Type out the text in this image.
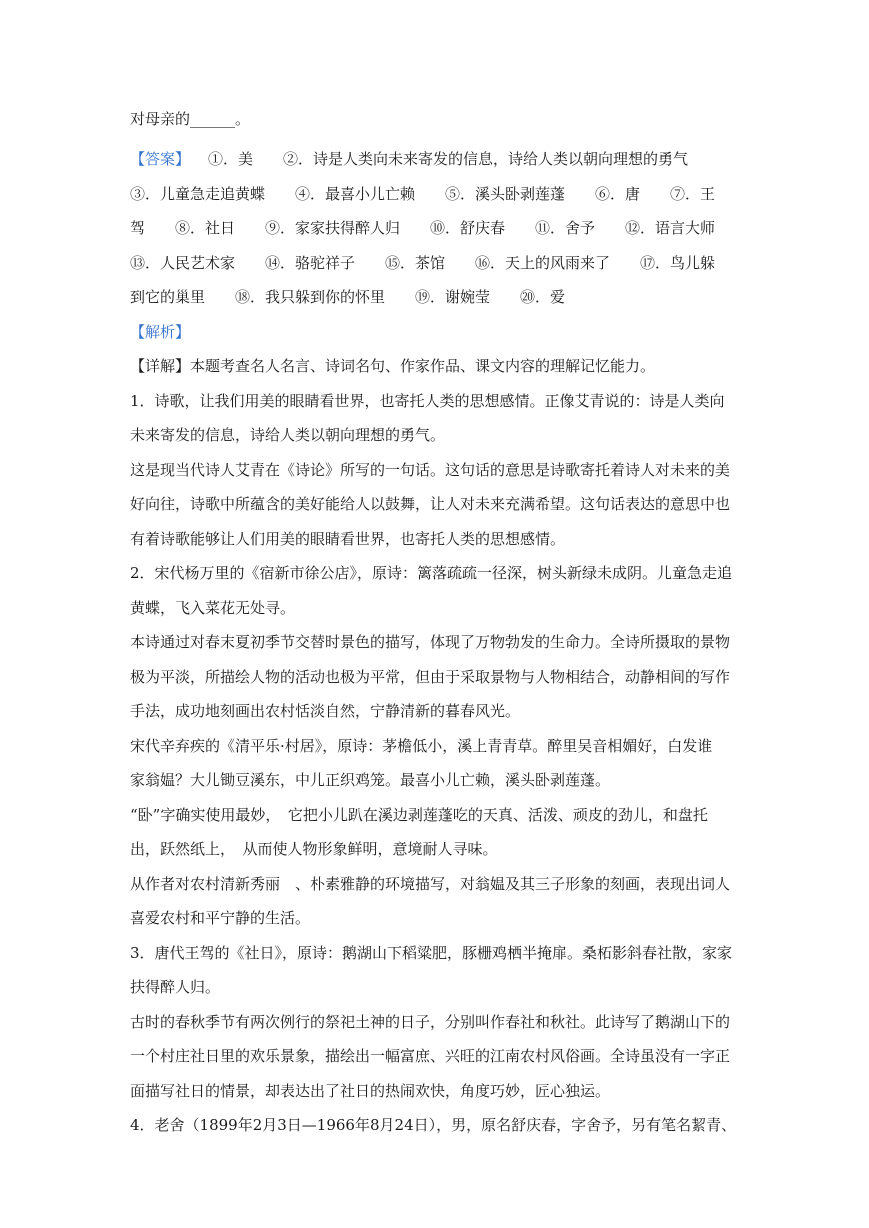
对母亲的______。

【答案】 ①．美　　②．诗是人类向未来寄发的信息，诗给人类以朝向理想的勇气
③．儿童急走追黄蝶　　④．最喜小儿亡赖　　⑤．溪头卧剥莲蓬　　⑥．唐　　⑦．王
驾　　⑧．社日　　⑨．家家扶得醉人归　　⑩．舒庆春　　⑪．舍予　　⑫．语言大师
⑬．人民艺术家　　⑭．骆驼祥子　　⑮．茶馆　　⑯．天上的风雨来了　　⑰．鸟儿躲
到它的巢里　　⑱．我只躲到你的怀里　　⑲．谢婉莹　　⑳．爱

【解析】
【详解】本题考查名人名言、诗词名句、作家作品、课文内容的理解记忆能力。
1．诗歌，让我们用美的眼睛看世界，也寄托人类的思想感情。正像艾青说的：诗是人类向
未来寄发的信息，诗给人类以朝向理想的勇气。
这是现当代诗人艾青在《诗论》所写的一句话。这句话的意思是诗歌寄托着诗人对未来的美
好向往，诗歌中所蕴含的美好能给人以鼓舞，让人对未来充满希望。这句话表达的意思中也
有着诗歌能够让人们用美的眼睛看世界，也寄托人类的思想感情。
2．宋代杨万里的《宿新市徐公店》，原诗：篱落疏疏一径深，树头新绿未成阴。儿童急走追
黄蝶，飞入菜花无处寻。
本诗通过对春末夏初季节交替时景色的描写，体现了万物勃发的生命力。全诗所摄取的景物
极为平淡，所描绘人物的活动也极为平常，但由于采取景物与人物相结合，动静相间的写作
手法，成功地刻画出农村恬淡自然，宁静清新的暮春风光。
宋代辛弃疾的《清平乐·村居》，原诗：茅檐低小，溪上青青草。醉里吴音相媚好，白发谁
家翁媪？大儿锄豆溪东，中儿正织鸡笼。最喜小儿亡赖，溪头卧剥莲蓬。
“卧”字确实使用最妙，　它把小儿趴在溪边剥莲蓬吃的天真、活泼、顽皮的劲儿，和盘托
出，跃然纸上，　从而使人物形象鲜明，意境耐人寻味。
从作者对农村清新秀丽　、朴素雅静的环境描写，对翁媪及其三子形象的刻画，表现出词人
喜爱农村和平宁静的生活。
3．唐代王驾的《社日》，原诗：鹅湖山下稻粱肥，豚栅鸡栖半掩扉。桑柘影斜春社散，家家
扶得醉人归。
古时的春秋季节有两次例行的祭祀土神的日子，分别叫作春社和秋社。此诗写了鹅湖山下的
一个村庄社日里的欢乐景象，描绘出一幅富庶、兴旺的江南农村风俗画。全诗虽没有一字正
面描写社日的情景，却表达出了社日的热闹欢快，角度巧妙，匠心独运。
4．老舍（1899年2月3日—1966年8月24日），男，原名舒庆春，字舍予，另有笔名絜青、
